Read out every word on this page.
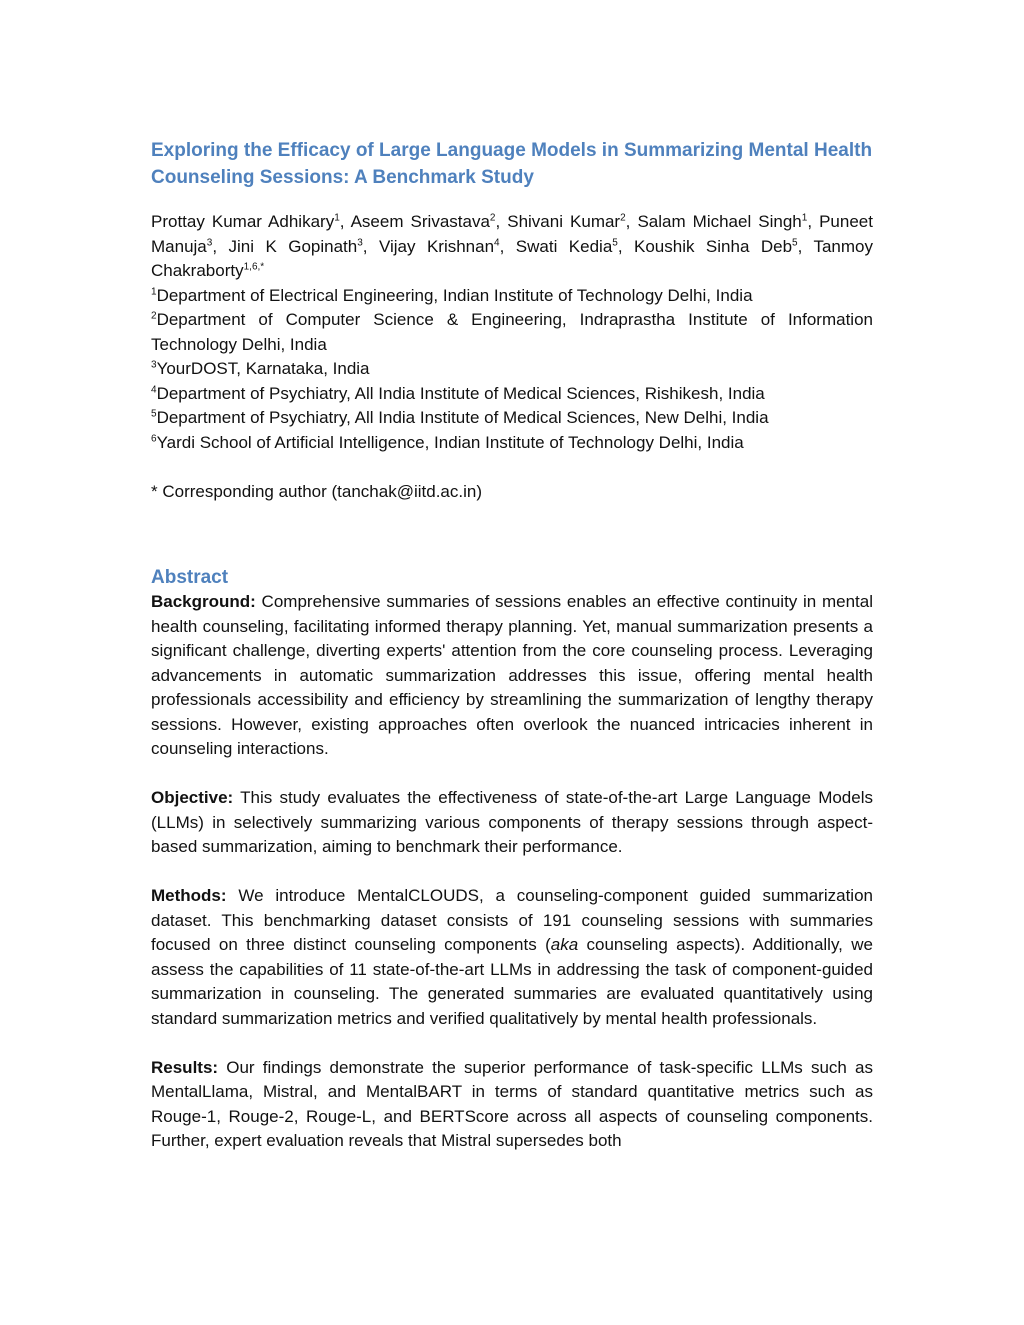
Exploring the Efficacy of Large Language Models in Summarizing Mental Health Counseling Sessions: A Benchmark Study
Prottay Kumar Adhikary$^1$, Aseem Srivastava$^2$, Shivani Kumar$^2$, Salam Michael Singh$^1$, Puneet Manuja$^3$, Jini K Gopinath$^3$, Vijay Krishnan$^4$, Swati Kedia$^5$, Koushik Sinha Deb$^5$, Tanmoy Chakraborty$^{1,6,*}$
$^1$Department of Electrical Engineering, Indian Institute of Technology Delhi, India
$^2$Department of Computer Science & Engineering, Indraprastha Institute of Information Technology Delhi, India
$^3$YourDOST, Karnataka, India
$^4$Department of Psychiatry, All India Institute of Medical Sciences, Rishikesh, India
$^5$Department of Psychiatry, All India Institute of Medical Sciences, New Delhi, India
$^6$Yardi School of Artificial Intelligence, Indian Institute of Technology Delhi, India
* Corresponding author (tanchak@iitd.ac.in)
Abstract

Background: Comprehensive summaries of sessions enables an effective continuity in mental health counseling, facilitating informed therapy planning. Yet, manual summarization presents a significant challenge, diverting experts' attention from the core counseling process. Leveraging advancements in automatic summarization addresses this issue, offering mental health professionals accessibility and efficiency by streamlining the summarization of lengthy therapy sessions. However, existing approaches often overlook the nuanced intricacies inherent in counseling interactions.

Objective: This study evaluates the effectiveness of state-of-the-art Large Language Models (LLMs) in selectively summarizing various components of therapy sessions through aspect-based summarization, aiming to benchmark their performance.

Methods: We introduce MentalCLOUDS, a counseling-component guided summarization dataset. This benchmarking dataset consists of 191 counseling sessions with summaries focused on three distinct counseling components (aka counseling aspects). Additionally, we assess the capabilities of 11 state-of-the-art LLMs in addressing the task of component-guided summarization in counseling. The generated summaries are evaluated quantitatively using standard summarization metrics and verified qualitatively by mental health professionals.

Results: Our findings demonstrate the superior performance of task-specific LLMs such as MentalLlama, Mistral, and MentalBART in terms of standard quantitative metrics such as Rouge-1, Rouge-2, Rouge-L, and BERTScore across all aspects of counseling components. Further, expert evaluation reveals that Mistral supersedes both
